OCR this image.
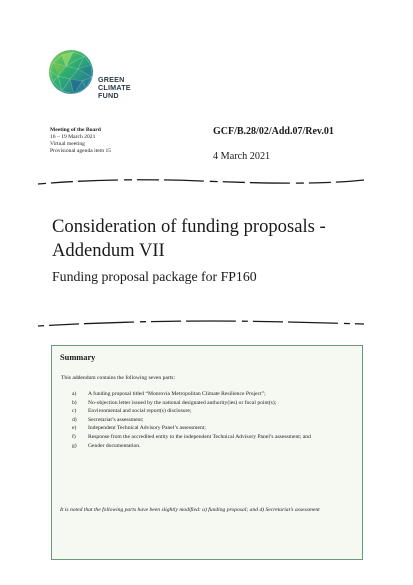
GREEN
CLIMATE
FUND
Meeting of the Board
16 – 19 March 2021
Virtual meeting
Provisional agenda item 15
GCF/B.28/02/Add.07/Rev.01
4 March 2021
Consideration of funding proposals - Addendum VII
Funding proposal package for FP160
Summary
This addendum contains the following seven parts:
a)	A funding proposal titled “Monrovia Metropolitan Climate Resilience Project”;
b)	No-objection letter issued by the national designated authority(ies) or focal point(s);
c)	Environmental and social report(s) disclosure;
d)	Secretariat’s assessment;
e)	Independent Technical Advisory Panel’s assessment;
f)	Response from the accredited entity to the independent Technical Advisory Panel’s assessment; and
g)	Gender documentation.
It is noted that the following parts have been slightly modified: a) funding proposal; and d) Secretariat’s assessment
